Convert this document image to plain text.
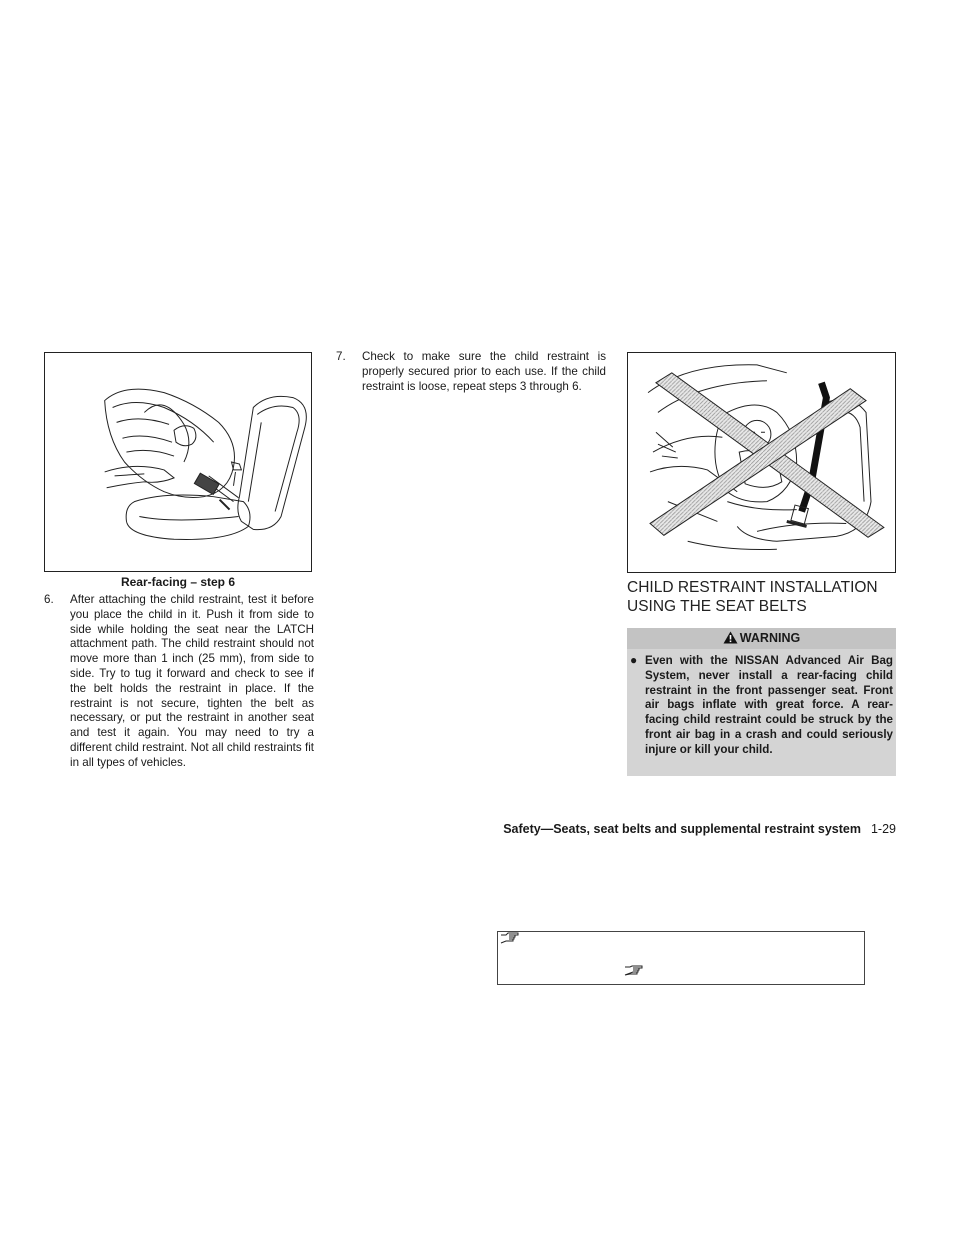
Rear-facing – step 6
6. After attaching the child restraint, test it before you place the child in it. Push it from side to side while holding the seat near the LATCH attachment path. The child restraint should not move more than 1 inch (25 mm), from side to side. Try to tug it forward and check to see if the belt holds the restraint in place. If the restraint is not secure, tighten the belt as necessary, or put the restraint in another seat and test it again. You may need to try a different child restraint. Not all child restraints fit in all types of vehicles.
7. Check to make sure the child restraint is properly secured prior to each use. If the child restraint is loose, repeat steps 3 through 6.
CHILD RESTRAINT INSTALLATION USING THE SEAT BELTS
WARNING
● Even with the NISSAN Advanced Air Bag System, never install a rear-facing child restraint in the front passenger seat. Front air bags inflate with great force. A rear-facing child restraint could be struck by the front air bag in a crash and could seriously injure or kill your child.
Safety—Seats, seat belts and supplemental restraint system 1-29
